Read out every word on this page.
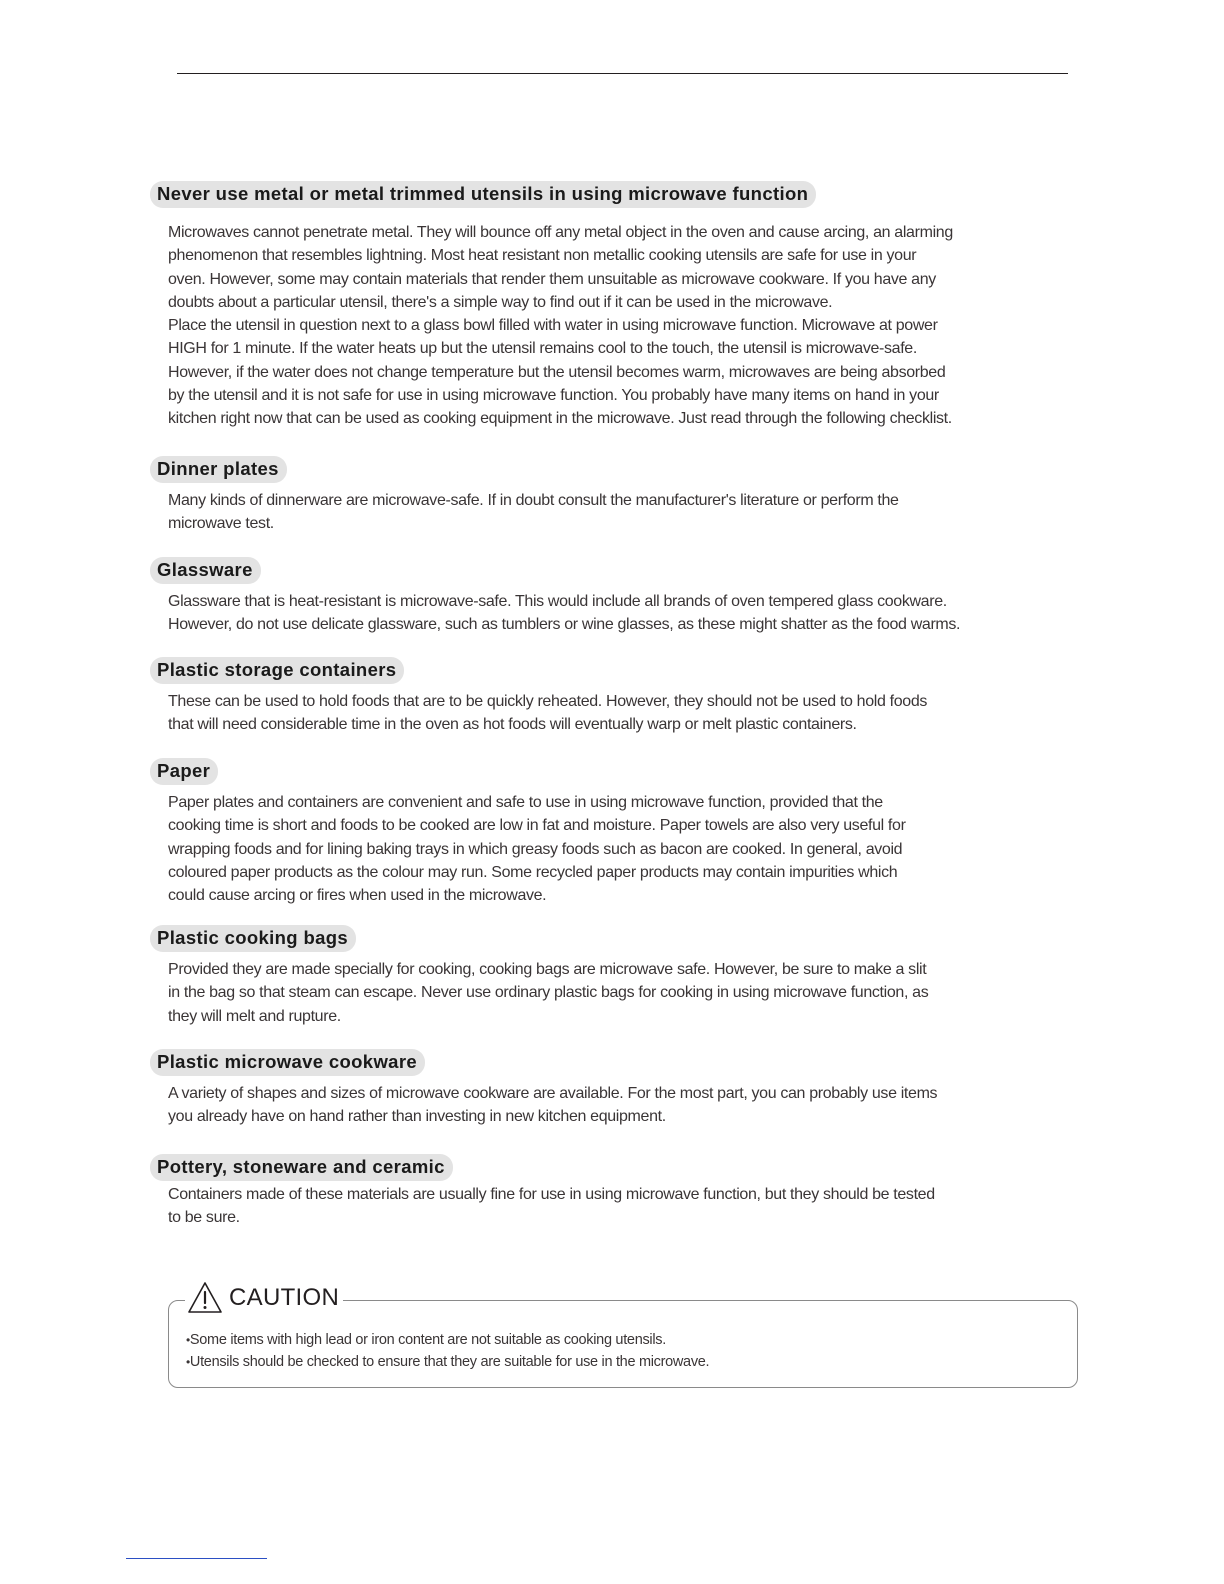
Never use metal or metal trimmed utensils in using microwave function
Microwaves cannot penetrate metal. They will bounce off any metal object in the oven and cause arcing, an alarming
phenomenon that resembles lightning. Most heat resistant non metallic cooking utensils are safe for use in your
oven. However, some may contain materials that render them unsuitable as microwave cookware. If you have any
doubts about a particular utensil, there's a simple way to find out if it can be used in the microwave.
Place the utensil in question next to a glass bowl filled with water in using microwave function. Microwave at power
HIGH for 1 minute. If the water heats up but the utensil remains cool to the touch, the utensil is microwave-safe.
However, if the water does not change temperature but the utensil becomes warm, microwaves are being absorbed
by the utensil and it is not safe for use in using microwave function. You probably have many items on hand in your
kitchen right now that can be used as cooking equipment in the microwave. Just read through the following checklist.
Dinner plates
Many kinds of dinnerware are microwave-safe. If in doubt consult the manufacturer's literature or perform the
microwave test.
Glassware
Glassware that is heat-resistant is microwave-safe. This would include all brands of oven tempered glass cookware.
However, do not use delicate glassware, such as tumblers or wine glasses, as these might shatter as the food warms.
Plastic storage containers
These can be used to hold foods that are to be quickly reheated. However, they should not be used to hold foods
that will need considerable time in the oven as hot foods will eventually warp or melt plastic containers.
Paper
Paper plates and containers are convenient and safe to use in using microwave function, provided that the
cooking time is short and foods to be cooked are low in fat and moisture. Paper towels are also very useful for
wrapping foods and for lining baking trays in which greasy foods such as bacon are cooked. In general, avoid
coloured paper products as the colour may run. Some recycled paper products may contain impurities which
could cause arcing or fires when used in the microwave.
Plastic cooking bags
Provided they are made specially for cooking, cooking bags are microwave safe. However, be sure to make a slit
in the bag so that steam can escape. Never use ordinary plastic bags for cooking in using microwave function, as
they will melt and rupture.
Plastic microwave cookware
A variety of shapes and sizes of microwave cookware are available. For the most part, you can probably use items
you already have on hand rather than investing in new kitchen equipment.
Pottery, stoneware and ceramic
Containers made of these materials are usually fine for use in using microwave function, but they should be tested
to be sure.
CAUTION
• Some items with high lead or iron content are not suitable as cooking utensils.
• Utensils should be checked to ensure that they are suitable for use in the microwave.
